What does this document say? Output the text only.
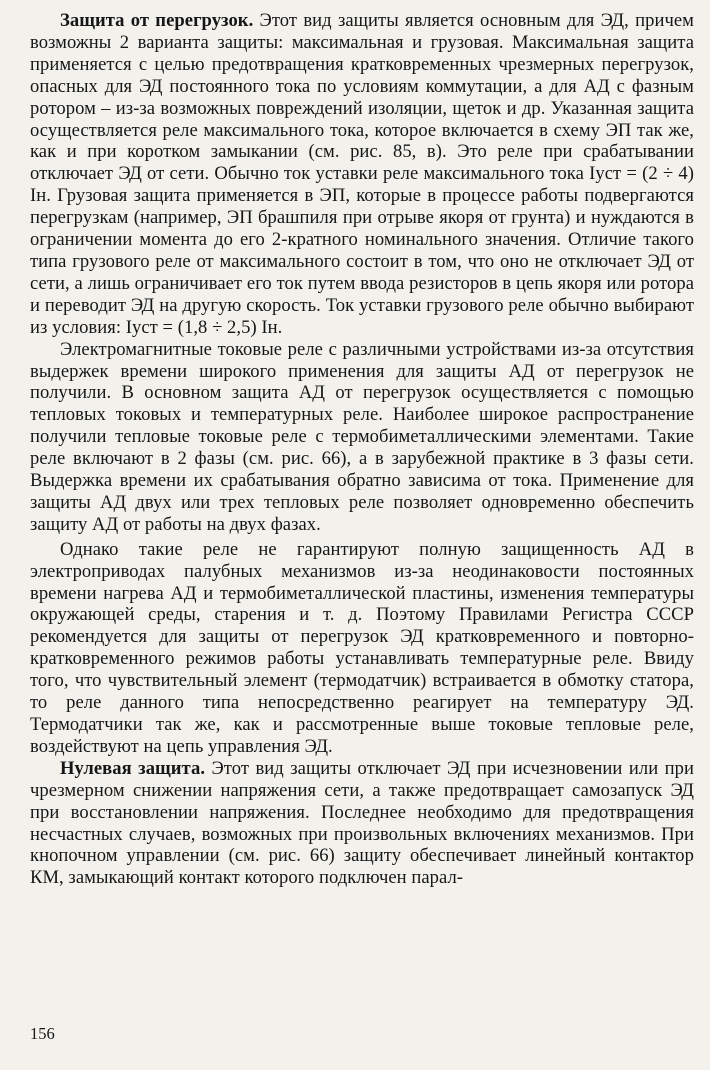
Защита от перегрузок. Этот вид защиты является основным для ЭД, причем возможны 2 варианта защиты: максимальная и грузовая. Максимальная защита применяется с целью предотвращения кратковременных чрезмерных перегрузок, опасных для ЭД постоянного тока по условиям коммутации, а для АД с фазным ротором – из-за возможных повреждений изоляции, щеток и др. Указанная защита осуществляется реле максимального тока, которое включается в схему ЭП так же, как и при коротком замыкании (см. рис. 85, в). Это реле при срабатывании отключает ЭД от сети. Обычно ток уставки реле максимального тока Iуст = (2 ÷ 4) Iн. Грузовая защита применяется в ЭП, которые в процессе работы подвергаются перегрузкам (например, ЭП брашпиля при отрыве якоря от грунта) и нуждаются в ограничении момента до его 2-кратного номинального значения. Отличие такого типа грузового реле от максимального состоит в том, что оно не отключает ЭД от сети, а лишь ограничивает его ток путем ввода резисторов в цепь якоря или ротора и переводит ЭД на другую скорость. Ток уставки грузового реле обычно выбирают из условия: Iуст = (1,8 ÷ 2,5) Iн.

Электромагнитные токовые реле с различными устройствами из-за отсутствия выдержек времени широкого применения для защиты АД от перегрузок не получили. В основном защита АД от перегрузок осуществляется с помощью тепловых токовых и температурных реле. Наиболее широкое распространение получили тепловые токовые реле с термобиметаллическими элементами. Такие реле включают в 2 фазы (см. рис. 66), а в зарубежной практике в 3 фазы сети. Выдержка времени их срабатывания обратно зависима от тока. Применение для защиты АД двух или трех тепловых реле позволяет одновременно обеспечить защиту АД от работы на двух фазах.

Однако такие реле не гарантируют полную защищенность АД в электроприводах палубных механизмов из-за неодинаковости постоянных времени нагрева АД и термобиметаллической пластины, изменения температуры окружающей среды, старения и т. д. Поэтому Правилами Регистра СССР рекомендуется для защиты от перегрузок ЭД кратковременного и повторно-кратковременного режимов работы устанавливать температурные реле. Ввиду того, что чувствительный элемент (термодатчик) встраивается в обмотку статора, то реле данного типа непосредственно реагирует на температуру ЭД. Термодатчики так же, как и рассмотренные выше токовые тепловые реле, воздействуют на цепь управления ЭД.

Нулевая защита. Этот вид защиты отключает ЭД при исчезновении или при чрезмерном снижении напряжения сети, а также предотвращает самозапуск ЭД при восстановлении напряжения. Последнее необходимо для предотвращения несчастных случаев, возможных при произвольных включениях механизмов. При кнопочном управлении (см. рис. 66) защиту обеспечивает линейный контактор КМ, замыкающий контакт которого подключен парал-

156
